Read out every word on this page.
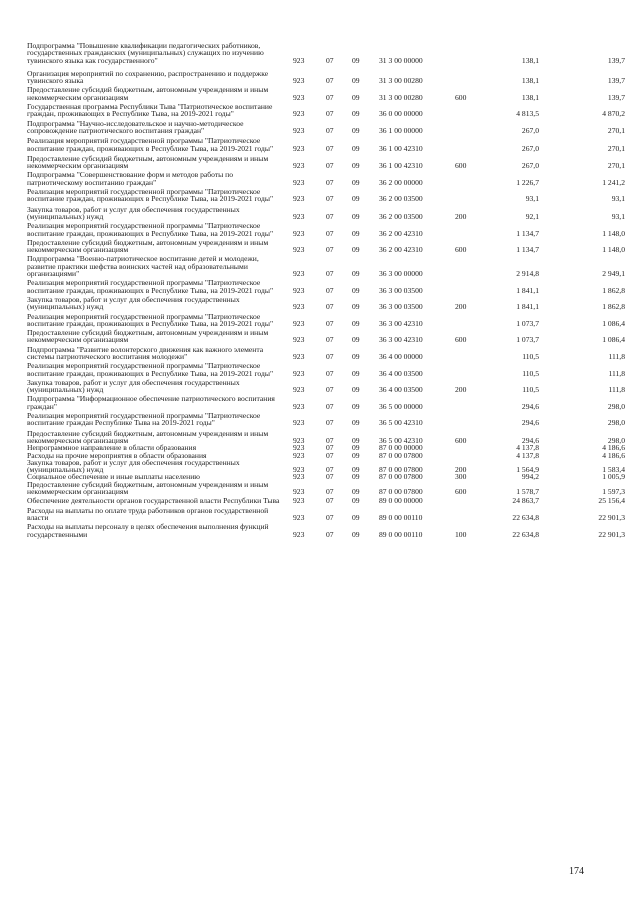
Подпрограмма "Повышение квалификации педагогических работников, государственных гражданских (муниципальных) служащих по изучению тувинского языка как государственного"	923	07 09	31 3 00 00000	138,1	139,7
Организация мероприятий по сохранению, распространению и поддержке тувинского языка	923	07 09	31 3 00 00280	138,1	139,7
Предоставление субсидий бюджетным, автономным учреждениям и иным некоммерческим организациям	923	07 09	31 3 00 00280	600	138,1	139,7
Государственная программа Республики Тыва "Патриотическое воспитание граждан, проживающих в Республике Тыва, на 2019-2021 годы"	923	07 09	36 0 00 00000	4 813,5	4 870,2
Подпрограмма "Научно-исследовательское и научно-методическое сопровождение патриотического воспитания граждан"	923	07 09	36 1 00 00000	267,0	270,1
Реализация мероприятий государственной программы "Патриотическое воспитание граждан, проживающих в Республике Тыва, на 2019-2021 годы"	923	07 09	36 1 00 42310	267,0	270,1
Предоставление субсидий бюджетным, автономным учреждениям и иным некоммерческим организациям	923	07 09	36 1 00 42310	600	267,0	270,1
Подпрограмма "Совершенствование форм и методов работы по патриотическому воспитанию граждан"	923	07 09	36 2 00 00000	1 226,7	1 241,2
Реализация мероприятий государственной программы "Патриотическое воспитание граждан, проживающих в Республике Тыва, на 2019-2021 годы"	923	07 09	36 2 00 03500	93,1	93,1
Закупка товаров, работ и услуг для обеспечения государственных (муниципальных) нужд	923	07 09	36 2 00 03500	200	92,1	93,1
Реализация мероприятий государственной программы "Патриотическое воспитание граждан, проживающих в Республике Тыва, на 2019-2021 годы"	923	07 09	36 2 00 42310	1 134,7	1 148,0
Предоставление субсидий бюджетным, автономным учреждениям и иным некоммерческим организациям	923	07 09	36 2 00 42310	600	1 134,7	1 148,0
Подпрограмма "Военно-патриотическое воспитание детей и молодежи, развитие практики шефства воинских частей над образовательными организациями"	923	07 09	36 3 00 00000	2 914,8	2 949,1
Реализация мероприятий государственной программы "Патриотическое воспитание граждан, проживающих в Республике Тыва, на 2019-2021 годы"	923	07 09	36 3 00 03500	1 841,1	1 862,8
Закупка товаров, работ и услуг для обеспечения государственных (муниципальных) нужд	923	07 09	36 3 00 03500	200	1 841,1	1 862,8
Реализация мероприятий государственной программы "Патриотическое воспитание граждан, проживающих в Республике Тыва, на 2019-2021 годы"	923	07 09	36 3 00 42310	1 073,7	1 086,4
Предоставление субсидий бюджетным, автономным учреждениям и иным некоммерческим организациям	923	07 09	36 3 00 42310	600	1 073,7	1 086,4
Подпрограмма "Развитие волонтерского движения как важного элемента системы патриотического воспитания молодежи"	923	07 09	36 4 00 00000	110,5	111,8
Реализация мероприятий государственной программы "Патриотическое воспитание граждан, проживающих в Республике Тыва, на 2019-2021 годы"	923	07 09	36 4 00 03500	110,5	111,8
Закупка товаров, работ и услуг для обеспечения государственных (муниципальных) нужд	923	07 09	36 4 00 03500	200	110,5	111,8
Подпрограмма "Информационное обеспечение патриотического воспитания граждан"	923	07 09	36 5 00 00000	294,6	298,0
Реализация мероприятий государственной программы "Патриотическое воспитание граждан Республике Тыва на 2019-2021 годы"	923	07 09	36 5 00 42310	294,6	298,0
Предоставление субсидий бюджетным, автономным учреждениям и иным некоммерческим организациям	923	07 09	36 5 00 42310	600	294,6	298,0
Непрограммное направление в области образования	923	07 09	87 0 00 00000	4 137,8	4 186,6
Расходы на прочие мероприятия в области образования	923	07 09	87 0 00 07800	4 137,8	4 186,6
Закупка товаров, работ и услуг для обеспечения государственных (муниципальных) нужд	923	07 09	87 0 00 07800	200	1 564,9	1 583,4
Социальное обеспечение и иные выплаты населению	923	07 09	87 0 00 07800	300	994,2	1 005,9
Предоставление субсидий бюджетным, автономным учреждениям и иным некоммерческим организациям	923	07 09	87 0 00 07800	600	1 578,7	1 597,3
Обеспечение деятельности органов государственной власти Республики Тыва	923	07 09	89 0 00 00000	24 863,7	25 156,4
Расходы на выплаты по оплате труда работников органов государственной власти	923	07 09	89 0 00 00110	22 634,8	22 901,3
Расходы на выплаты персоналу в целях обеспечения выполнения функций государственными	923	07 09	89 0 00 00110	100	22 634,8	22 901,3
174
